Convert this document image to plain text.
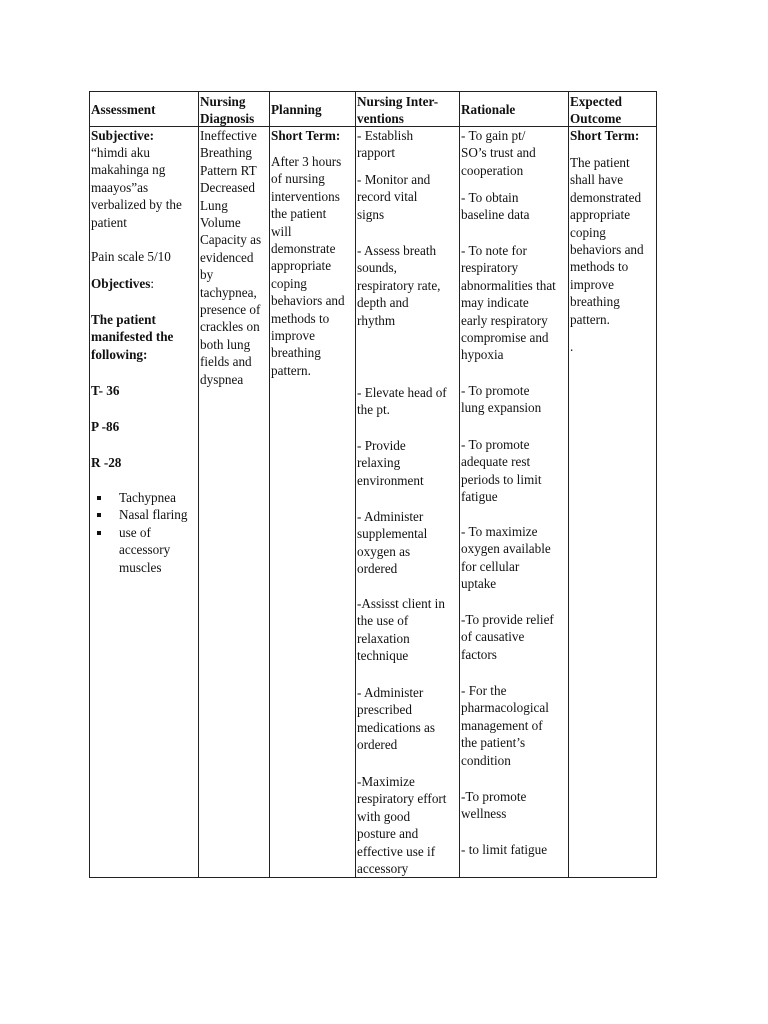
Assessment
Nursing
Diagnosis
Planning
Nursing Inter-
ventions
Rationale
Expected
Outcome
Subjective:
“himdi aku
makahinga ng
maayos”as
verbalized by the
patient
Pain scale 5/10
Objectives:
The patient
manifested the
following:
T- 36
P -86
R -28
Tachypnea
Nasal flaring
use of
accessory
muscles
Ineffective
Breathing
Pattern RT
Decreased
Lung
Volume
Capacity as
evidenced
by
tachypnea,
presence of
crackles on
both lung
fields and
dyspnea
Short Term:
After 3 hours
of nursing
interventions
the patient
will
demonstrate
appropriate
coping
behaviors and
methods to
improve
breathing
pattern.
- Establish
rapport
- Monitor and
record vital
signs
- Assess breath
sounds,
respiratory rate,
depth and
rhythm
- Elevate head of
the pt.
- Provide
relaxing
environment
- Administer
supplemental
oxygen as
ordered
-Assisst client in
the use of
relaxation
technique
- Administer
prescribed
medications as
ordered
-Maximize
respiratory effort
with good
posture and
effective use if
accessory
- To gain pt/
SO’s trust and
cooperation
- To obtain
baseline data
- To note for
respiratory
abnormalities that
may indicate
early respiratory
compromise and
hypoxia
- To promote
lung expansion
- To promote
adequate rest
periods to limit
fatigue
- To maximize
oxygen available
for cellular
uptake
-To provide relief
of causative
factors
- For the
pharmacological
management of
the patient’s
condition
-To promote
wellness
- to limit fatigue
Short Term:
The patient
shall have
demonstrated
appropriate
coping
behaviors and
methods to
improve
breathing
pattern.
.
